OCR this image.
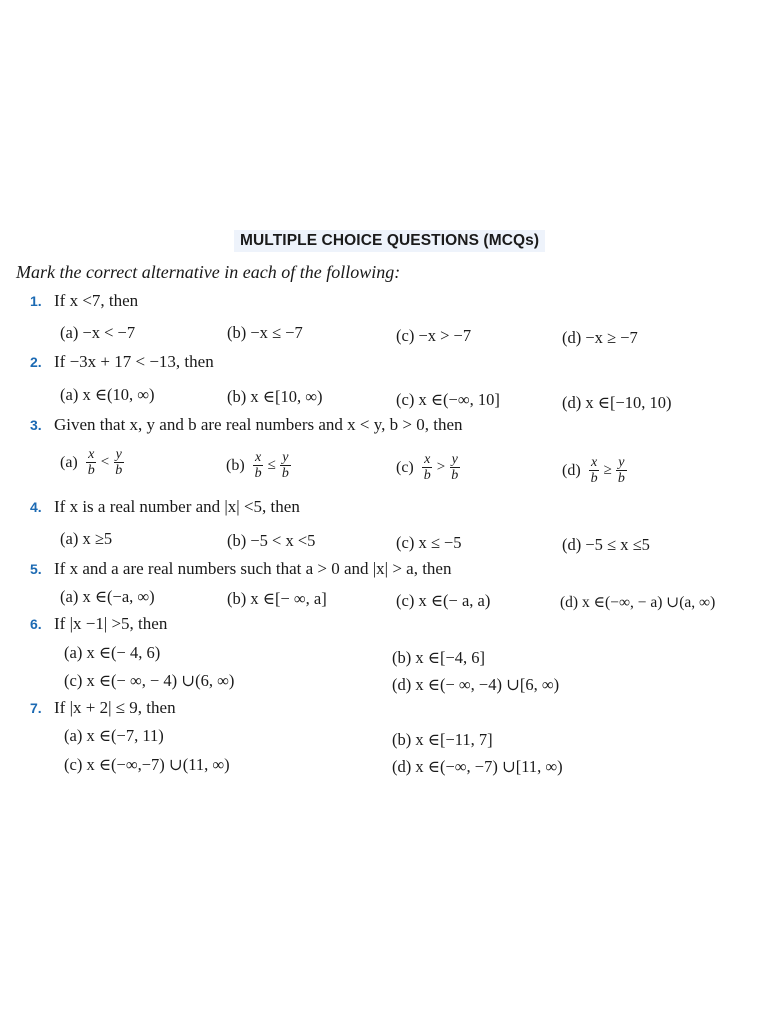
MULTIPLE CHOICE QUESTIONS (MCQs)
Mark the correct alternative in each of the following:
1. If x <7, then
(a) −x < −7	(b) −x ≤ −7	(c) −x > −7	(d) −x ≥ −7
2. If −3x + 17 < −13, then
(a) x ∈(10, ∞)	(b) x ∈[10, ∞)	(c) x ∈(−∞, 10]	(d) x ∈[−10, 10)
3. Given that x, y and b are real numbers and x < y, b > 0, then
$(a) \frac{x}{b} < \frac{y}{b}$	$(b) \frac{x}{b} \le \frac{y}{b}$	$(c) \frac{x}{b} > \frac{y}{b}$	$(d) \frac{x}{b} \ge \frac{y}{b}$
4. If x is a real number and |x| <5, then
(a) x ≥5	(b) −5 < x <5	(c) x ≤ −5	(d) −5 ≤ x ≤5
5. If x and a are real numbers such that a > 0 and |x| > a, then
(a) x ∈(−a, ∞)	(b) x ∈[− ∞, a]	(c) x ∈(− a, a)	(d) x ∈(−∞, − a) ∪(a, ∞)
6. If |x −1| >5, then
(a) x ∈(− 4, 6)	(b) x ∈[−4, 6]
(c) x ∈(− ∞, − 4) ∪(6, ∞)	(d) x ∈(− ∞, −4) ∪[6, ∞)
7. If |x + 2| ≤ 9, then
(a) x ∈(−7, 11)	(b) x ∈[−11, 7]
(c) x ∈(−∞,−7) ∪(11, ∞)	(d) x ∈(−∞, −7) ∪[11, ∞)
